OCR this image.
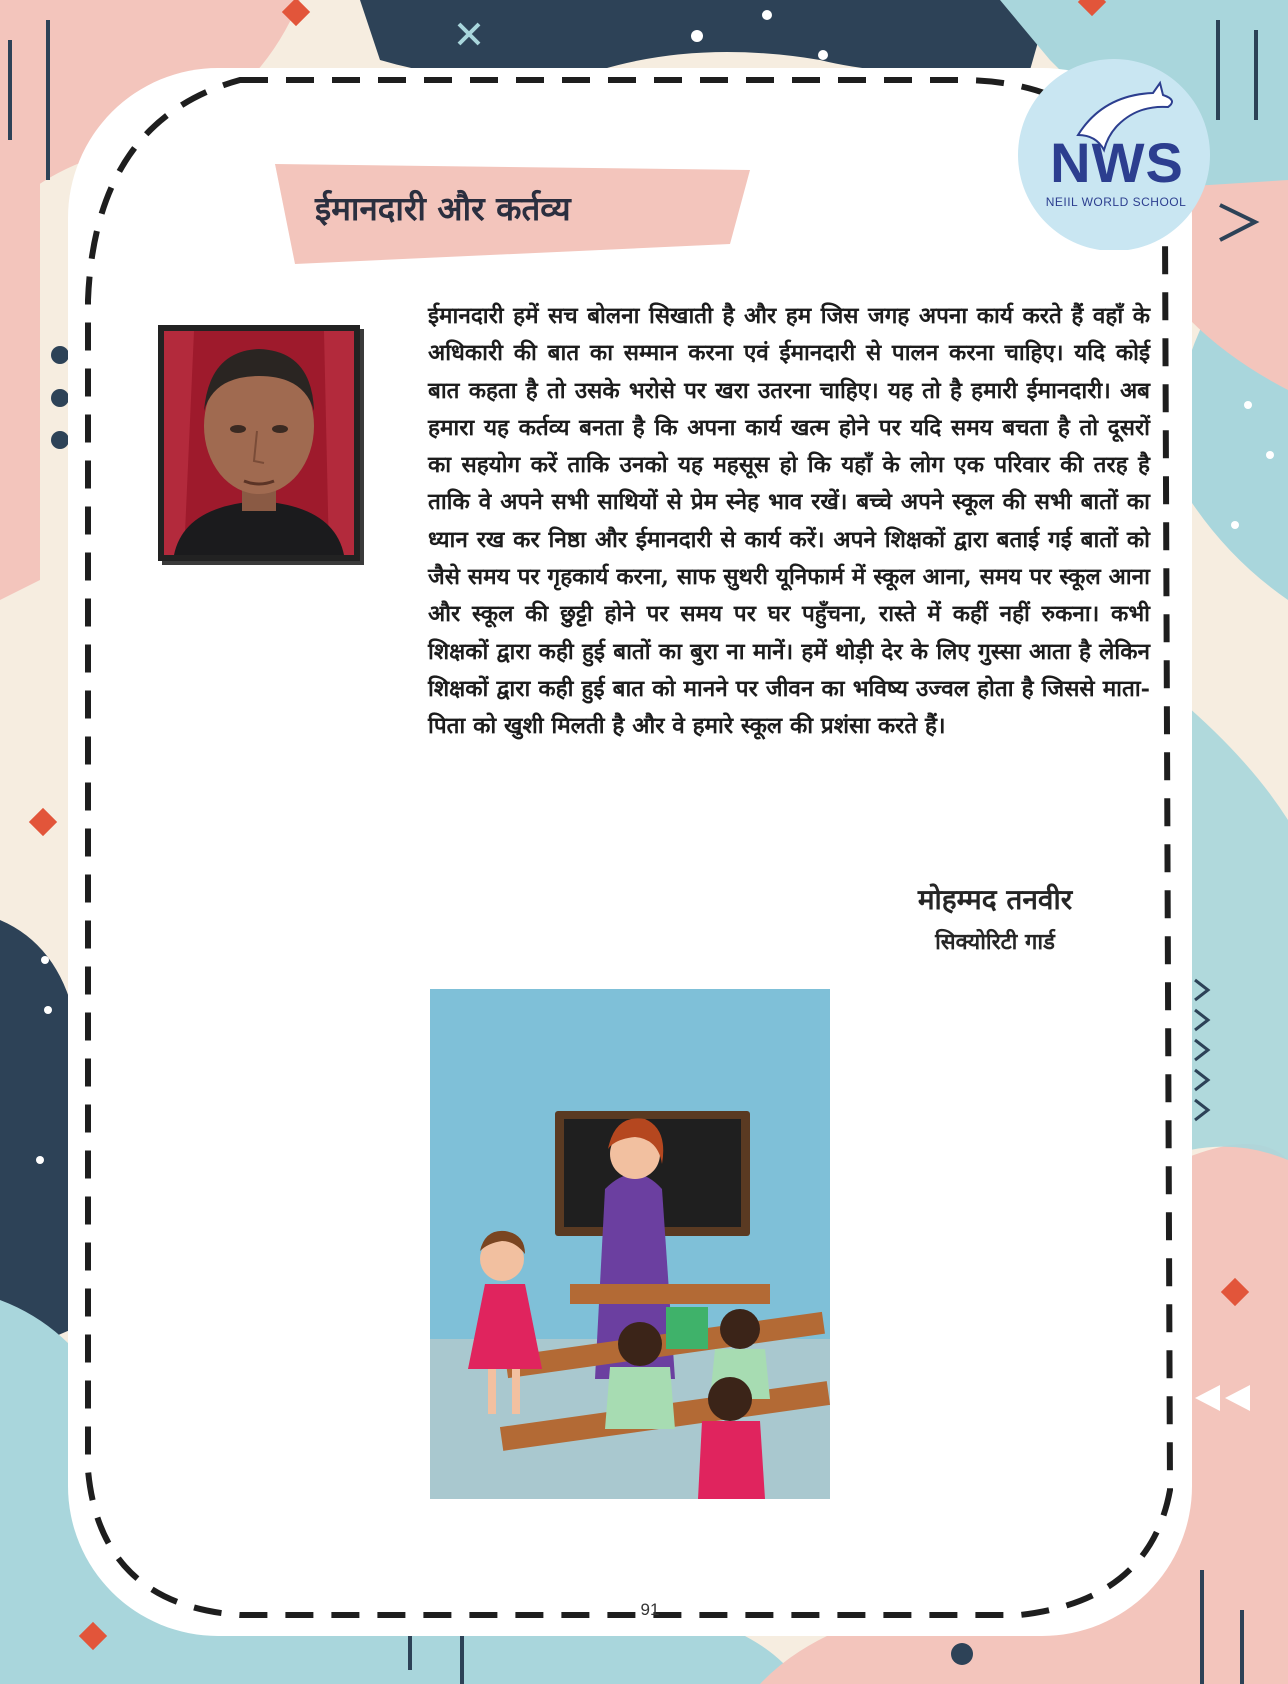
ईमानदारी और कर्तव्य
NWS
NEIIL WORLD SCHOOL
ईमानदारी हमें सच बोलना सिखाती है और हम जिस जगह अपना कार्य करते हैं वहाँ के अधिकारी की बात का सम्मान करना एवं ईमानदारी से पालन करना चाहिए। यदि कोई बात कहता है तो उसके भरोसे पर खरा उतरना चाहिए। यह तो है हमारी ईमानदारी। अब हमारा यह कर्तव्य बनता है कि अपना कार्य खत्म होने पर यदि समय बचता है तो दूसरों का सहयोग करें ताकि उनको यह महसूस हो कि यहाँ के लोग एक परिवार की तरह है ताकि वे अपने सभी साथियों से प्रेम स्नेह भाव रखें। बच्चे अपने स्कूल की सभी बातों का ध्यान रख कर निष्ठा और ईमानदारी से कार्य करें। अपने शिक्षकों द्वारा बताई गई बातों को जैसे समय पर गृहकार्य करना, साफ सुथरी यूनिफार्म में स्कूल आना, समय पर स्कूल आना और स्कूल की छुट्टी होने पर समय पर घर पहुँचना, रास्ते में कहीं नहीं रुकना। कभी शिक्षकों द्वारा कही हुई बातों का बुरा ना मानें। हमें थोड़ी देर के लिए गुस्सा आता है लेकिन शिक्षकों द्वारा कही हुई बात को मानने पर जीवन का भविष्य उज्वल होता है जिससे माता-पिता को खुशी मिलती है और वे हमारे स्कूल की प्रशंसा करते हैं।
मोहम्मद तनवीर
सिक्योरिटी गार्ड
91
